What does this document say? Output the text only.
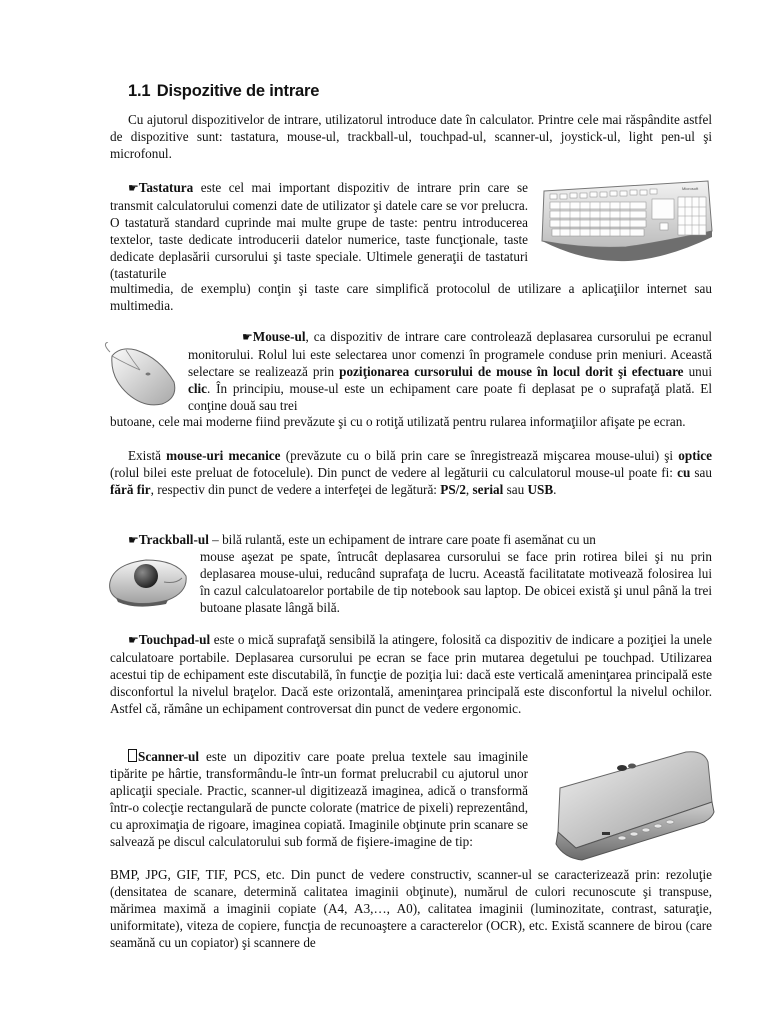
1.1 Dispozitive de intrare

Cu ajutorul dispozitivelor de intrare, utilizatorul introduce date în calculator. Printre cele mai răspândite astfel de dispozitive sunt: tastatura, mouse-ul, trackball-ul, touchpad-ul, scanner-ul, joystick-ul, light pen-ul şi microfonul.

☛Tastatura este cel mai important dispozitiv de intrare prin care se transmit calculatorului comenzi date de utilizator şi datele care se vor prelucra. O tastatură standard cuprinde mai multe grupe de taste: pentru introducerea textelor, taste dedicate introducerii datelor numerice, taste funcţionale, taste dedicate deplasării cursorului şi taste speciale. Ultimele generaţii de tastaturi (tastaturile

multimedia, de exemplu) conţin şi taste care simplifică protocolul de utilizare a aplicaţiilor internet sau multimedia.

Microsoft

☛Mouse-ul, ca dispozitiv de intrare care controlează deplasarea cursorului pe ecranul monitorului. Rolul lui este selectarea unor comenzi în programele conduse prin meniuri. Această selectare se realizează prin poziţionarea cursorului de mouse în locul dorit şi efectuare unui clic. În principiu, mouse-ul este un echipament care poate fi deplasat pe o suprafaţă plată. El conţine două sau trei

butoane, cele mai moderne fiind prevăzute şi cu o rotiţă utilizată pentru rularea informaţiilor afişate pe ecran.

Există mouse-uri mecanice (prevăzute cu o bilă prin care se înregistrează mişcarea mouse-ului) şi optice (rolul bilei este preluat de fotocelule). Din punct de vedere al legăturii cu calculatorul mouse-ul poate fi: cu sau fără fir, respectiv din punct de vedere a interfeţei de legătură: PS/2, serial sau USB.

☛Trackball-ul – bilă rulantă, este un echipament de intrare care poate fi asemănat cu un

mouse aşezat pe spate, întrucât deplasarea cursorului se face prin rotirea bilei şi nu prin deplasarea mouse-ului, reducând suprafaţa de lucru. Această facilitatate motivează folosirea lui în cazul calculatoarelor portabile de tip notebook sau laptop. De obicei există şi unul până la trei butoane plasate lângă bilă.

☛Touchpad-ul este o mică suprafaţă sensibilă la atingere, folosită ca dispozitiv de indicare a poziţiei la unele calculatoare portabile. Deplasarea cursorului pe ecran se face prin mutarea degetului pe touchpad. Utilizarea acestui tip de echipament este discutabilă, în funcţie de poziţia lui: dacă este verticală ameninţarea principală este disconfortul la nivelul braţelor. Dacă este orizontală, ameninţarea principală este disconfortul la nivelul ochilor. Astfel că, rămâne un echipament controversat din punct de vedere ergonomic.

Scanner-ul este un dipozitiv care poate prelua textele sau imaginile tipărite pe hârtie, transformându-le într-un format prelucrabil cu ajutorul unor aplicaţii speciale. Practic, scanner-ul digitizează imaginea, adică o transformă într-o colecţie rectangulară de puncte colorate (matrice de pixeli) reprezentând, cu aproximaţia de rigoare, imaginea copiată. Imaginile obţinute prin scanare se salvează pe discul calculatorului sub formă de fişiere-imagine de tip:

BMP, JPG, GIF, TIF, PCS, etc. Din punct de vedere constructiv, scanner-ul se caracterizează prin: rezoluţie (densitatea de scanare, determină calitatea imaginii obţinute), numărul de culori recunoscute şi transpuse, mărimea maximă a imaginii copiate (A4, A3,…, A0), calitatea imaginii (luminozitate, contrast, saturaţie, uniformitate), viteza de copiere, funcţia de recunoaştere a caracterelor (OCR), etc. Există scannere de birou (care seamănă cu un copiator) şi scannere de
